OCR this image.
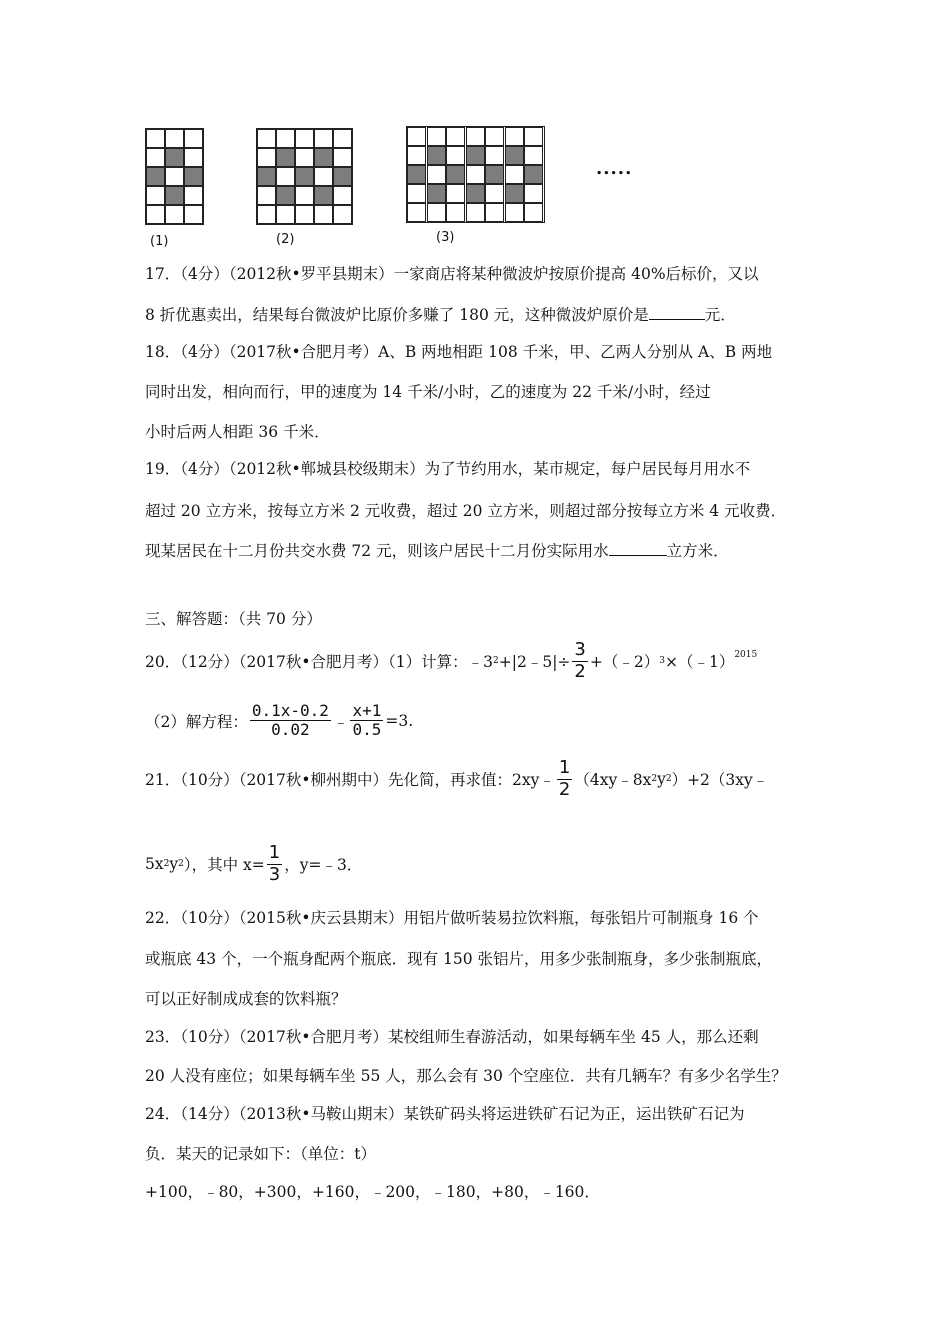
(1)	(2)	(3)
.....
17．（4分）（2012秋•罗平县期末）一家商店将某种微波炉按原价提高 40%后标价，又以
8 折优惠卖出，结果每台微波炉比原价多赚了 180 元，这种微波炉原价是	元．
18．（4分）（2017秋•合肥月考）A、B 两地相距 108 千米，甲、乙两人分别从 A、B 两地
同时出发，相向而行，甲的速度为 14 千米/小时，乙的速度为 22 千米/小时，经过
小时后两人相距 36 千米．
19．（4分）（2012秋•郸城县校级期末）为了节约用水，某市规定，每户居民每月用水不
超过 20 立方米，按每立方米 2 元收费，超过 20 立方米，则超过部分按每立方米 4 元收费．
现某居民在十二月份共交水费 72 元，则该户居民十二月份实际用水	立方米．
三、解答题：（共 70 分）
20．（12分）（2017秋•合肥月考）（1）计算： ﹣3 2 +|2﹣5|÷ $\frac{3}{2}$ +（﹣2） 3 ×（﹣1）$^{2015}$
（2）解方程： $\frac{0.1x-0.2}{0.02}$ ﹣ $\frac{x+1}{0.5} =3$.
21．（10分）（2017秋•柳州期中）先化简，再求值：2xy﹣ $\frac{1}{2}$ （4xy﹣8x 2 y 2 ）+2（3xy﹣
5x 2 y 2 ），其中 $x= \frac{1}{3}$ ，y=﹣3．
22．（10分）（2015秋•庆云县期末）用铝片做听装易拉饮料瓶，每张铝片可制瓶身 16 个
或瓶底 43 个，一个瓶身配两个瓶底．现有 150 张铝片，用多少张制瓶身，多少张制瓶底，
可以正好制成成套的饮料瓶？
23．（10分）（2017秋•合肥月考）某校组师生春游活动，如果每辆车坐 45 人，那么还剩
20 人没有座位；如果每辆车坐 55 人，那么会有 30 个空座位．共有几辆车？有多少名学生？
24．（14分）（2013秋•马鞍山期末）某铁矿码头将运进铁矿石记为正，运出铁矿石记为
负．某天的记录如下：（单位：t）
+100，﹣80，+300，+160，﹣200，﹣180，+80，﹣160．
